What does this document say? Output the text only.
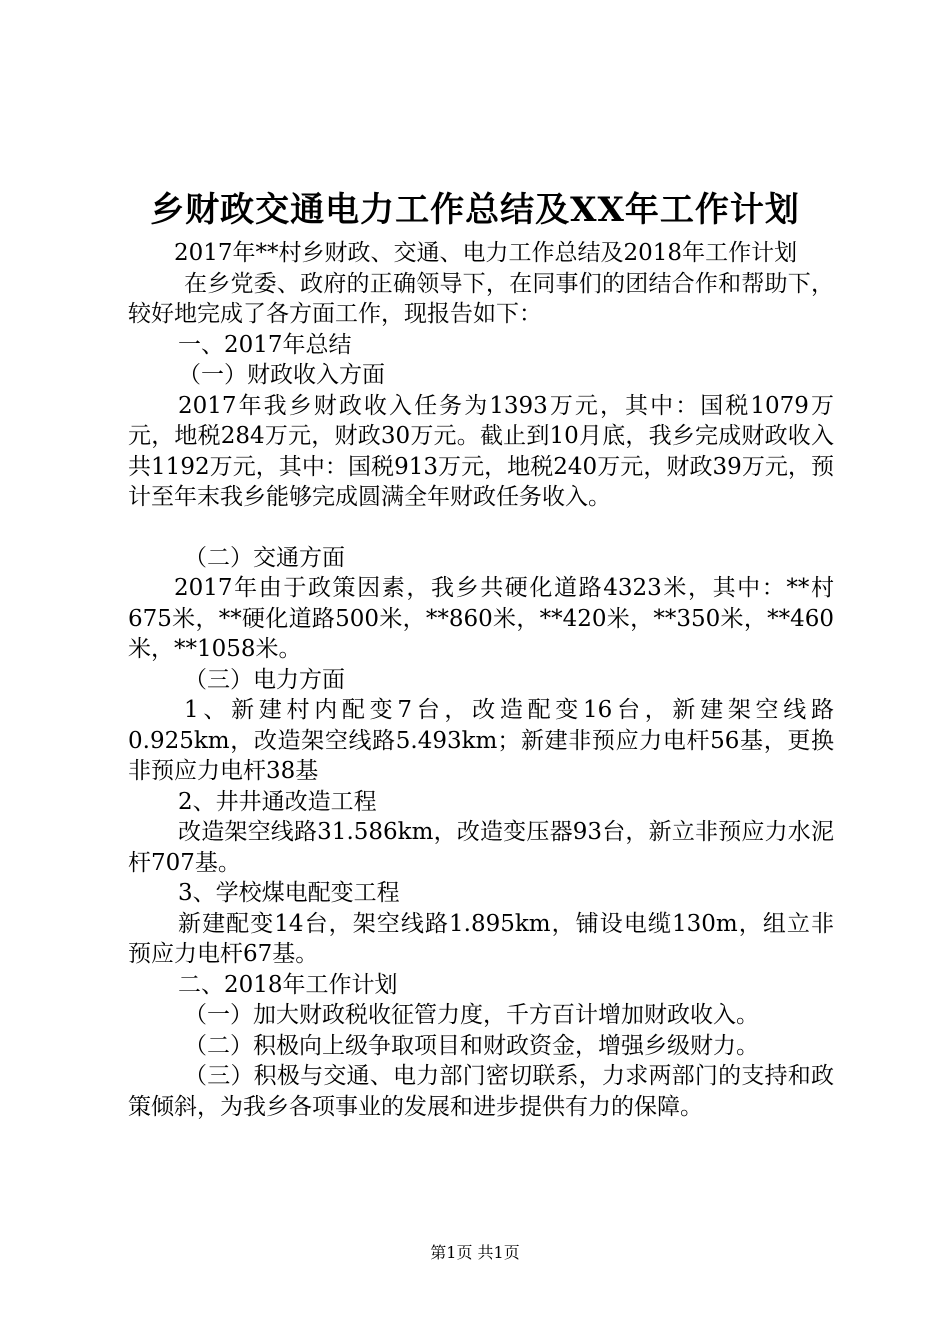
乡财政交通电力工作总结及XX年工作计划

2017年**村乡财政、交通、电力工作总结及2018年工作计划

在乡党委、政府的正确领导下，在同事们的团结合作和帮助下，较好地完成了各方面工作，现报告如下：

一、2017年总结

（一）财政收入方面

2017年我乡财政收入任务为1393万元，其中：国税1079万元，地税284万元，财政30万元。截止到10月底，我乡完成财政收入共1192万元，其中：国税913万元，地税240万元，财政39万元，预计至年末我乡能够完成圆满全年财政任务收入。

（二）交通方面

2017年由于政策因素，我乡共硬化道路4323米，其中：**村675米，**硬化道路500米，**860米，**420米，**350米，**460米，**1058米。

（三）电力方面

1、新建村内配变7台，改造配变16台，新建架空线路0.925km，改造架空线路5.493km；新建非预应力电杆56基，更换非预应力电杆38基

2、井井通改造工程

改造架空线路31.586km，改造变压器93台，新立非预应力水泥杆707基。

3、学校煤电配变工程

新建配变14台，架空线路1.895km，铺设电缆130m，组立非预应力电杆67基。

二、2018年工作计划

（一）加大财政税收征管力度，千方百计增加财政收入。

（二）积极向上级争取项目和财政资金，增强乡级财力。

（三）积极与交通、电力部门密切联系，力求两部门的支持和政策倾斜，为我乡各项事业的发展和进步提供有力的保障。

第1页 共1页
